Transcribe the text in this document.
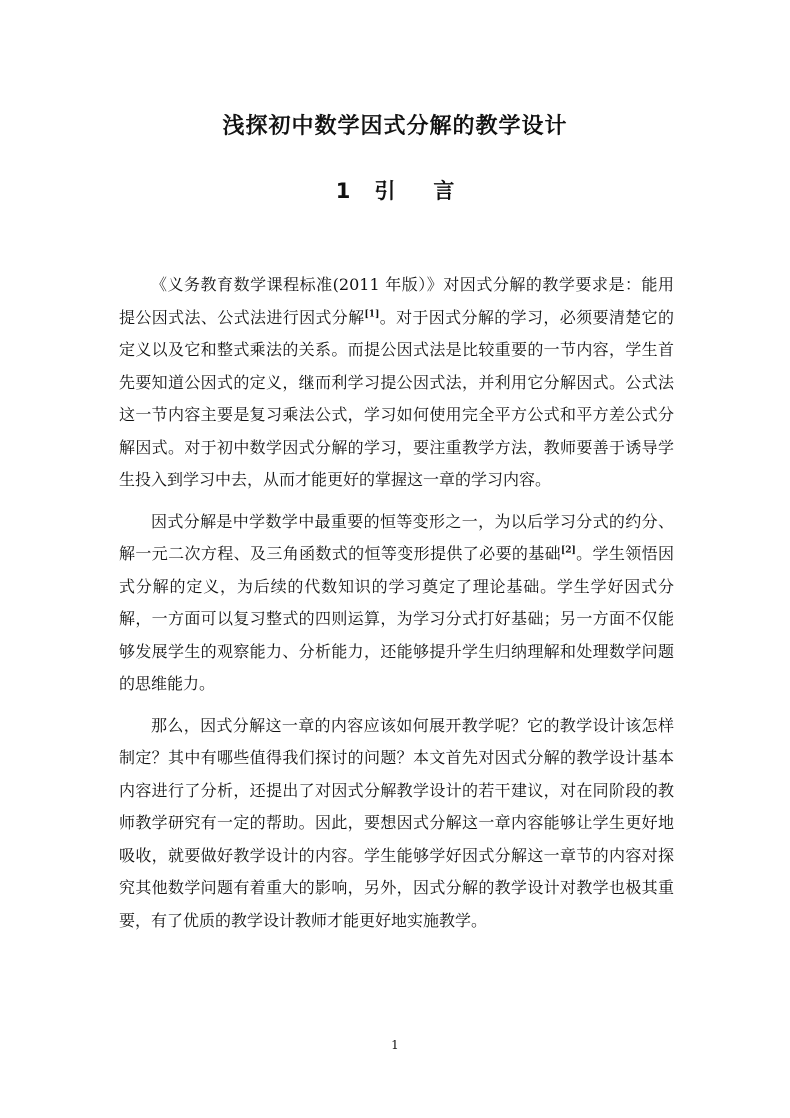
浅探初中数学因式分解的教学设计
1 引 言

《义务教育数学课程标准(2011 年版）》对因式分解的教学要求是：能用提公因式法、公式法进行因式分解[1]。对于因式分解的学习，必须要清楚它的定义以及它和整式乘法的关系。而提公因式法是比较重要的一节内容，学生首先要知道公因式的定义，继而利学习提公因式法，并利用它分解因式。公式法这一节内容主要是复习乘法公式，学习如何使用完全平方公式和平方差公式分解因式。对于初中数学因式分解的学习，要注重教学方法，教师要善于诱导学生投入到学习中去，从而才能更好的掌握这一章的学习内容。

因式分解是中学数学中最重要的恒等变形之一，为以后学习分式的约分、解一元二次方程、及三角函数式的恒等变形提供了必要的基础[2]。学生领悟因式分解的定义，为后续的代数知识的学习奠定了理论基础。学生学好因式分解，一方面可以复习整式的四则运算，为学习分式打好基础；另一方面不仅能够发展学生的观察能力、分析能力，还能够提升学生归纳理解和处理数学问题的思维能力。

那么，因式分解这一章的内容应该如何展开教学呢？它的教学设计该怎样制定？其中有哪些值得我们探讨的问题？本文首先对因式分解的教学设计基本内容进行了分析，还提出了对因式分解教学设计的若干建议，对在同阶段的教师教学研究有一定的帮助。因此，要想因式分解这一章内容能够让学生更好地吸收，就要做好教学设计的内容。学生能够学好因式分解这一章节的内容对探究其他数学问题有着重大的影响，另外，因式分解的教学设计对教学也极其重要，有了优质的教学设计教师才能更好地实施教学。

1
